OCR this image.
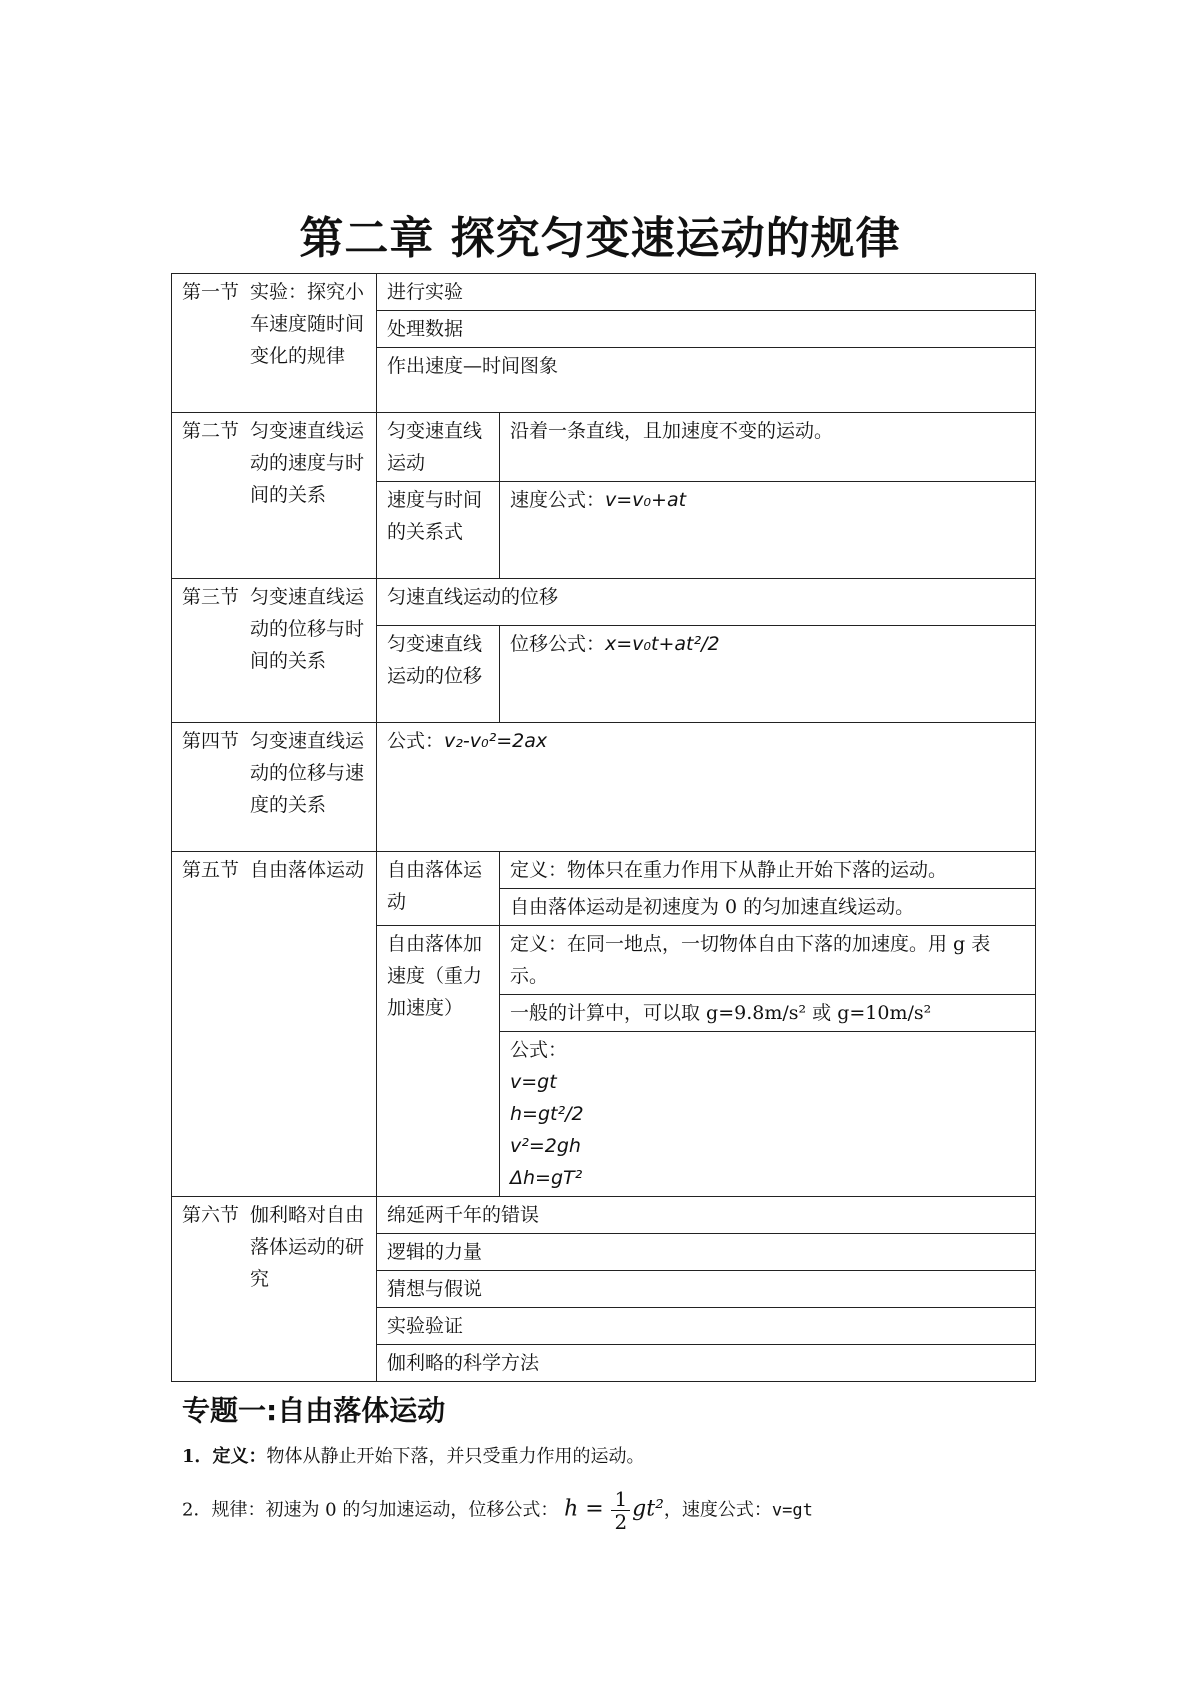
第二章 探究匀变速运动的规律
第一节 实验：探究小车速度随时间变化的规律	进行实验	
	处理数据	
	作出速度—时间图象	

第二节 匀变速直线运动的速度与时间的关系	匀变速直线运动	沿着一条直线，且加速度不变的运动。
	速度与时间的关系式	速度公式：v=v₀+at

第三节 匀变速直线运动的位移与时间的关系	匀速直线运动的位移	
	匀变速直线运动的位移	位移公式：x=v₀t+at²/2

第四节 匀变速直线运动的位移与速度的关系	公式：v₂-v₀²=2ax	

第五节 自由落体运动	自由落体运动	定义：物体只在重力作用下从静止开始下落的运动。
		自由落体运动是初速度为 0 的匀加速直线运动。
	自由落体加速度（重力加速度）	定义：在同一地点，一切物体自由下落的加速度。用 g 表示。
		一般的计算中，可以取 g=9.8m/s² 或 g=10m/s²

		公式：
v=gt
h=gt²/2
v²=2gh
Δh=gT²

第六节 伽利略对自由落体运动的研究	绵延两千年的错误	
	逻辑的力量	
	猜想与假说	
	实验验证	
	伽利略的科学方法	
专题一:自由落体运动
1．定义：物体从静止开始下落，并只受重力作用的运动。
2．规律：初速为 0 的匀加速运动，位移公式： $h = \frac{1}{2} gt^2$，速度公式：v=gt
